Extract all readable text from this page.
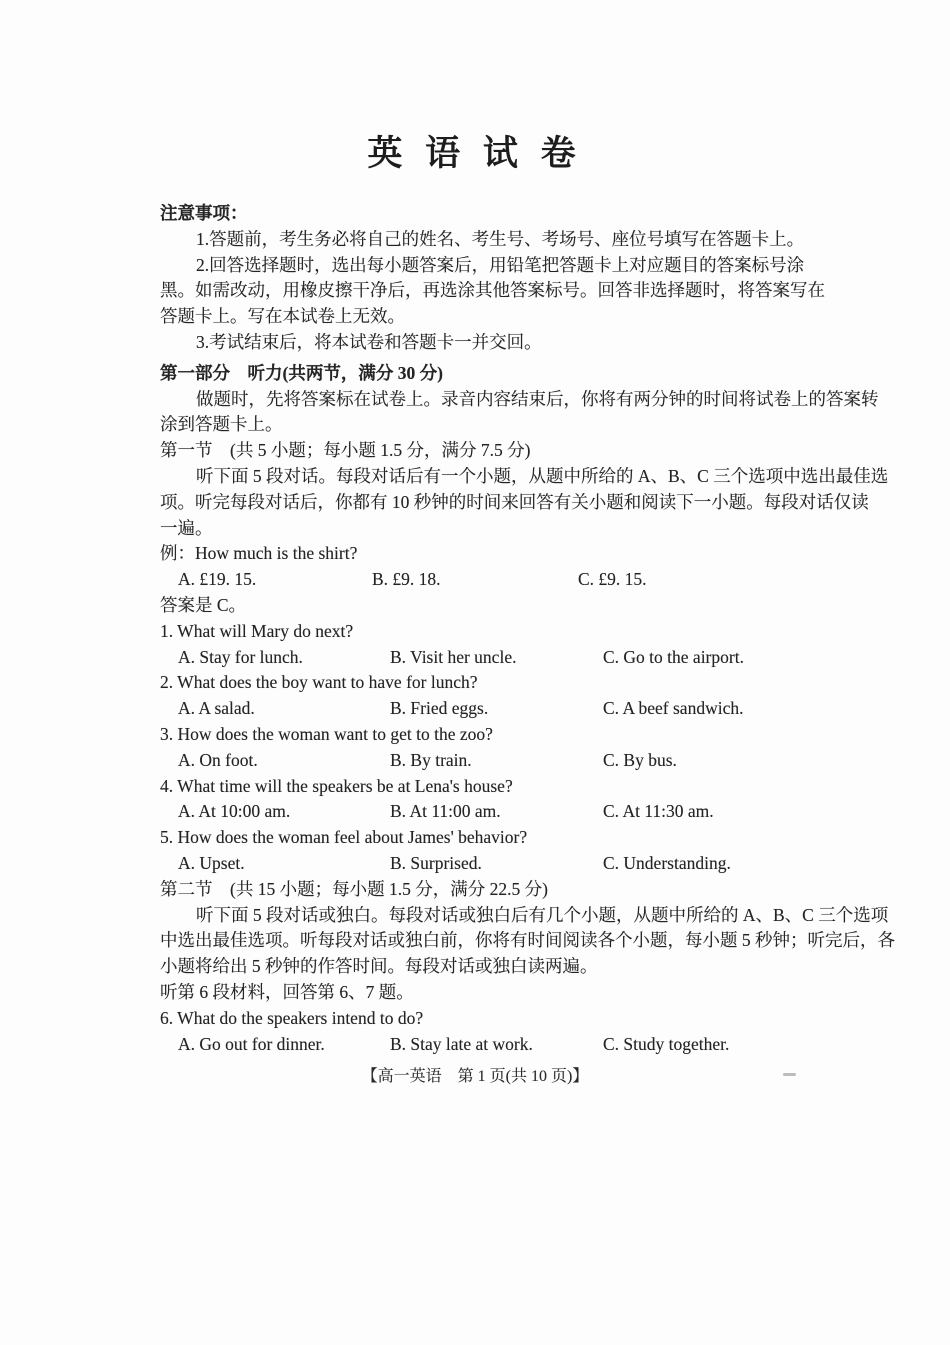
英 语 试 卷
注意事项：
1.答题前，考生务必将自己的姓名、考生号、考场号、座位号填写在答题卡上。
2.回答选择题时，选出每小题答案后，用铅笔把答题卡上对应题目的答案标号涂
黑。如需改动，用橡皮擦干净后，再选涂其他答案标号。回答非选择题时，将答案写在
答题卡上。写在本试卷上无效。
3.考试结束后，将本试卷和答题卡一并交回。
第一部分　听力(共两节，满分 30 分)
做题时，先将答案标在试卷上。录音内容结束后，你将有两分钟的时间将试卷上的答案转
涂到答题卡上。
第一节　(共 5 小题；每小题 1.5 分，满分 7.5 分)
听下面 5 段对话。每段对话后有一个小题，从题中所给的 A、B、C 三个选项中选出最佳选
项。听完每段对话后，你都有 10 秒钟的时间来回答有关小题和阅读下一小题。每段对话仅读
一遍。
例：How much is the shirt?
A. £19. 15.	B. £9. 18.	C. £9. 15.
答案是 C。
1. What will Mary do next?
A. Stay for lunch.	B. Visit her uncle.	C. Go to the airport.
2. What does the boy want to have for lunch?
A. A salad.	B. Fried eggs.	C. A beef sandwich.
3. How does the woman want to get to the zoo?
A. On foot.	B. By train.	C. By bus.
4. What time will the speakers be at Lena's house?
A. At 10:00 am.	B. At 11:00 am.	C. At 11:30 am.
5. How does the woman feel about James' behavior?
A. Upset.	B. Surprised.	C. Understanding.
第二节　(共 15 小题；每小题 1.5 分，满分 22.5 分)
听下面 5 段对话或独白。每段对话或独白后有几个小题，从题中所给的 A、B、C 三个选项
中选出最佳选项。听每段对话或独白前，你将有时间阅读各个小题，每小题 5 秒钟；听完后，各
小题将给出 5 秒钟的作答时间。每段对话或独白读两遍。
听第 6 段材料，回答第 6、7 题。
6. What do the speakers intend to do?
A. Go out for dinner.	B. Stay late at work.	C. Study together.
【高一英语　第 1 页(共 10 页)】
